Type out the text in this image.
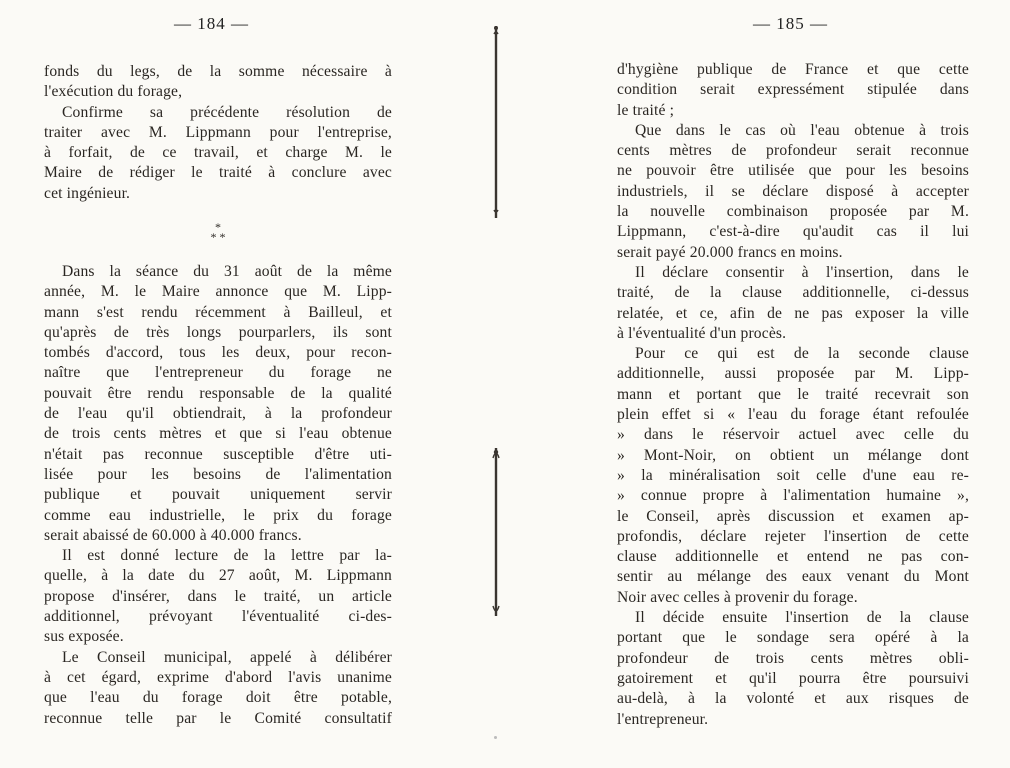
— 184 —
fonds du legs, de la somme nécessaire à
l'exécution du forage,
Confirme sa précédente résolution de
traiter avec M. Lippmann pour l'entreprise,
à forfait, de ce travail, et charge M. le
Maire de rédiger le traité à conclure avec
cet ingénieur.
*
* *
Dans la séance du 31 août de la même
année, M. le Maire annonce que M. Lipp-
mann s'est rendu récemment à Bailleul, et
qu'après de très longs pourparlers, ils sont
tombés d'accord, tous les deux, pour recon-
naître que l'entrepreneur du forage ne
pouvait être rendu responsable de la qualité
de l'eau qu'il obtiendrait, à la profondeur
de trois cents mètres et que si l'eau obtenue
n'était pas reconnue susceptible d'être uti-
lisée pour les besoins de l'alimentation
publique et pouvait uniquement servir
comme eau industrielle, le prix du forage
serait abaissé de 60.000 à 40.000 francs.
Il est donné lecture de la lettre par la-
quelle, à la date du 27 août, M. Lippmann
propose d'insérer, dans le traité, un article
additionnel, prévoyant l'éventualité ci-des-
sus exposée.
Le Conseil municipal, appelé à délibérer
à cet égard, exprime d'abord l'avis unanime
que l'eau du forage doit être potable,
reconnue telle par le Comité consultatif
— 185 —
d'hygiène publique de France et que cette
condition serait expressément stipulée dans
le traité ;
Que dans le cas où l'eau obtenue à trois
cents mètres de profondeur serait reconnue
ne pouvoir être utilisée que pour les besoins
industriels, il se déclare disposé à accepter
la nouvelle combinaison proposée par M.
Lippmann, c'est-à-dire qu'audit cas il lui
serait payé 20.000 francs en moins.
Il déclare consentir à l'insertion, dans le
traité, de la clause additionnelle, ci-dessus
relatée, et ce, afin de ne pas exposer la ville
à l'éventualité d'un procès.
Pour ce qui est de la seconde clause
additionnelle, aussi proposée par M. Lipp-
mann et portant que le traité recevrait son
plein effet si « l'eau du forage étant refoulée
» dans le réservoir actuel avec celle du
» Mont-Noir, on obtient un mélange dont
» la minéralisation soit celle d'une eau re-
» connue propre à l'alimentation humaine »,
le Conseil, après discussion et examen ap-
profondis, déclare rejeter l'insertion de cette
clause additionnelle et entend ne pas con-
sentir au mélange des eaux venant du Mont
Noir avec celles à provenir du forage.
Il décide ensuite l'insertion de la clause
portant que le sondage sera opéré à la
profondeur de trois cents mètres obli-
gatoirement et qu'il pourra être poursuivi
au-delà, à la volonté et aux risques de
l'entrepreneur.
